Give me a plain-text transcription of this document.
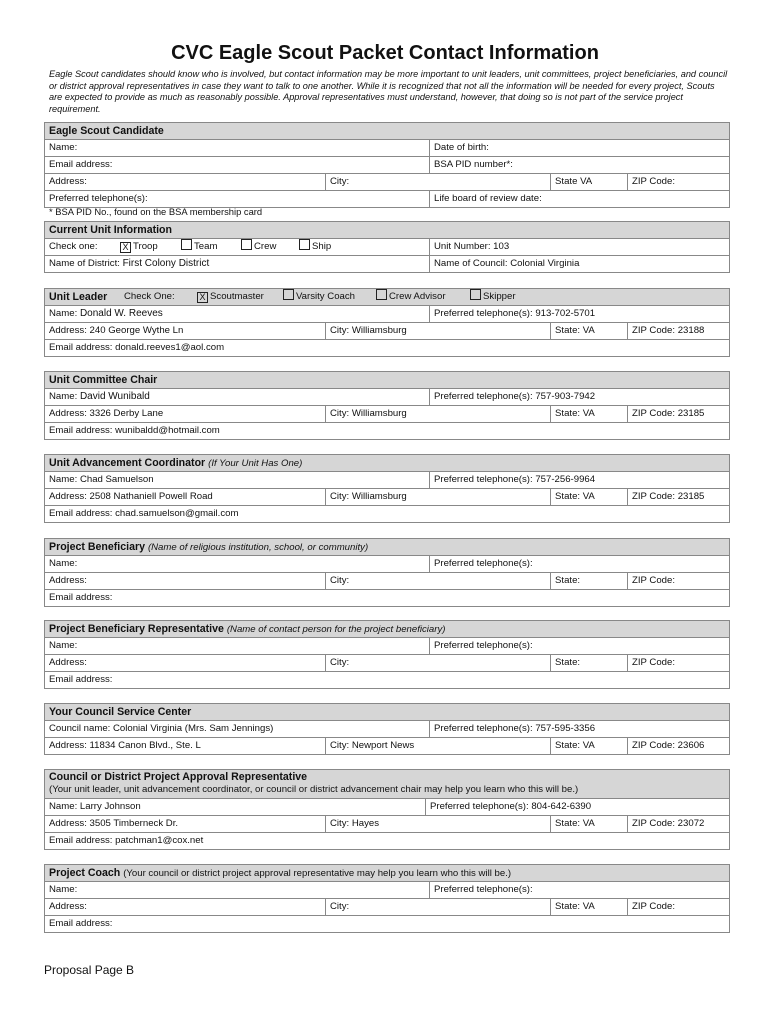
CVC Eagle Scout Packet Contact Information
Eagle Scout candidates should know who is involved, but contact information may be more important to unit leaders, unit committees, project beneficiaries, and council or district approval representatives in case they want to talk to one another. While it is recognized that not all the information will be needed for every project, Scouts are expected to provide as much as reasonably possible. Approval representatives must understand, however, that doing so is not part of the service project requirement.
Eagle Scout Candidate
Name:	Date of birth:
Email address:	BSA PID number*:
Address:	City:	State VA	ZIP Code:
Preferred telephone(s):	Life board of review date:
* BSA PID No., found on the BSA membership card
Current Unit Information
Check one:	X Troop	Team	Crew	Ship	Unit Number: 103
Name of District: First Colony District	Name of Council: Colonial Virginia
Unit Leader	Check One:	X Scoutmaster	Varsity Coach	Crew Advisor	Skipper
Name: Donald W. Reeves	Preferred telephone(s): 913-702-5701
Address: 240 George Wythe Ln	City: Williamsburg	State: VA	ZIP Code: 23188
Email address: donald.reeves1@aol.com
Unit Committee Chair
Name: David Wunibald	Preferred telephone(s): 757-903-7942
Address: 3326 Derby Lane	City: Williamsburg	State: VA	ZIP Code: 23185
Email address: wunibaldd@hotmail.com
Unit Advancement Coordinator (If Your Unit Has One)
Name: Chad Samuelson	Preferred telephone(s): 757-256-9964
Address: 2508 Nathaniell Powell Road	City: Williamsburg	State: VA	ZIP Code: 23185
Email address: chad.samuelson@gmail.com
Project Beneficiary (Name of religious institution, school, or community)
Name:	Preferred telephone(s):
Address:	City:	State:	ZIP Code:
Email address:
Project Beneficiary Representative (Name of contact person for the project beneficiary)
Name:	Preferred telephone(s):
Address:	City:	State:	ZIP Code:
Email address:
Your Council Service Center
Council name: Colonial Virginia (Mrs. Sam Jennings)	Preferred telephone(s): 757-595-3356
Address: 11834 Canon Blvd., Ste. L	City: Newport News	State: VA	ZIP Code: 23606
Council or District Project Approval Representative
(Your unit leader, unit advancement coordinator, or council or district advancement chair may help you learn who this will be.)
Name: Larry Johnson	Preferred telephone(s): 804-642-6390
Address: 3505 Timberneck Dr.	City: Hayes	State: VA	ZIP Code: 23072
Email address: patchman1@cox.net
Project Coach (Your council or district project approval representative may help you learn who this will be.)
Name:	Preferred telephone(s):
Address:	City:	State: VA	ZIP Code:
Email address:
Proposal Page B
